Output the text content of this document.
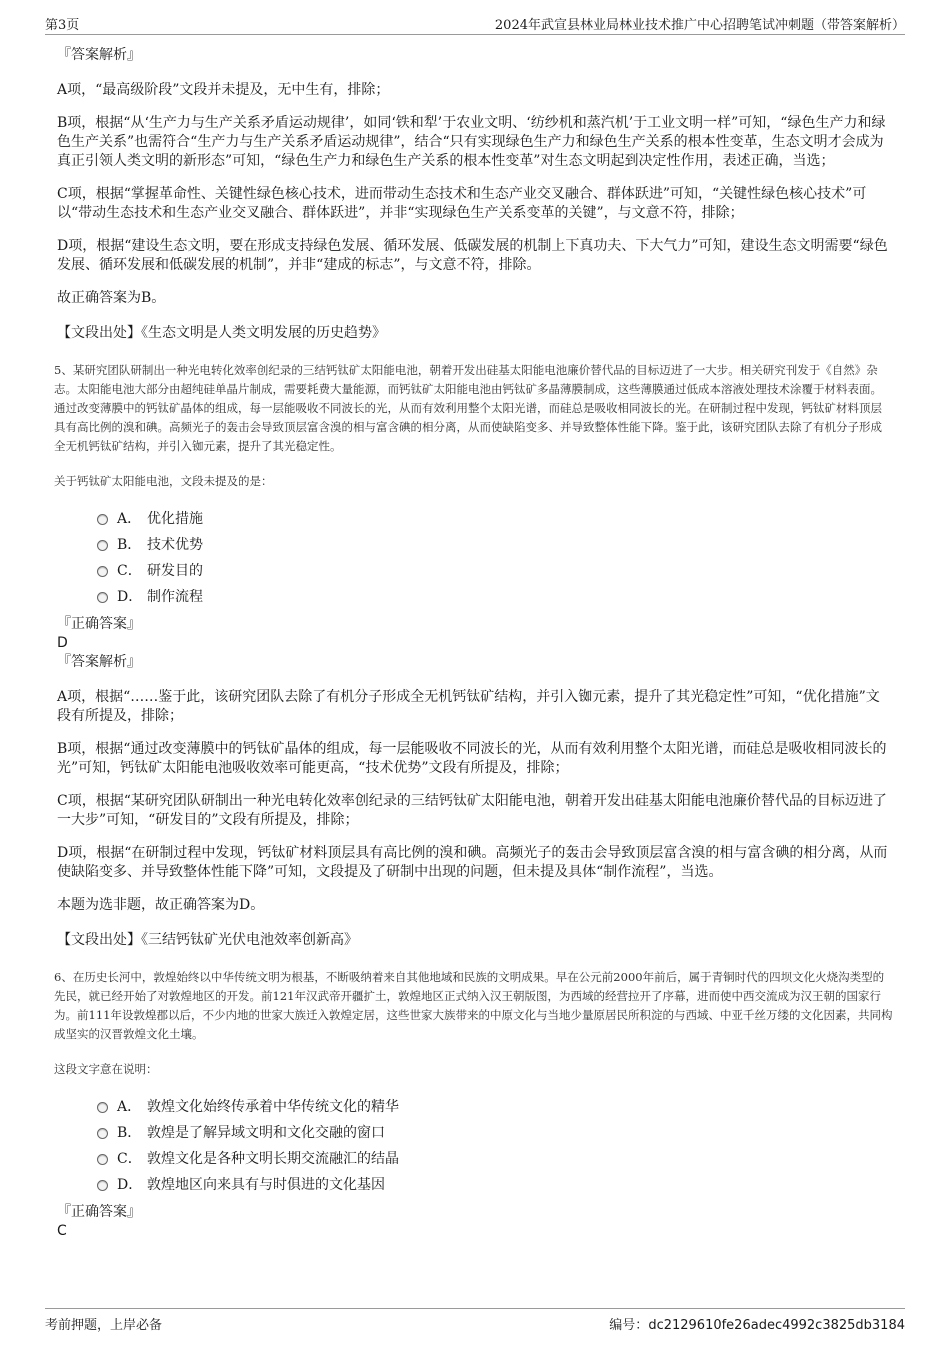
第3页	2024年武宣县林业局林业技术推广中心招聘笔试冲刺题（带答案解析）

『答案解析』

A项，“最高级阶段”文段并未提及，无中生有，排除；

B项，根据“从‘生产力与生产关系矛盾运动规律’，如同‘铁和犁’于农业文明、‘纺纱机和蒸汽机’于工业文明一样”可知，“绿色生产力和绿色生产关系”也需符合“生产力与生产关系矛盾运动规律”，结合“只有实现绿色生产力和绿色生产关系的根本性变革，生态文明才会成为真正引领人类文明的新形态”可知，“绿色生产力和绿色生产关系的根本性变革”对生态文明起到决定性作用，表述正确，当选；

C项，根据“掌握革命性、关键性绿色核心技术，进而带动生态技术和生态产业交叉融合、群体跃进”可知，“关键性绿色核心技术”可以“带动生态技术和生态产业交叉融合、群体跃进”，并非“实现绿色生产关系变革的关键”，与文意不符，排除；

D项，根据“建设生态文明，要在形成支持绿色发展、循环发展、低碳发展的机制上下真功夫、下大气力”可知，建设生态文明需要“绿色发展、循环发展和低碳发展的机制”，并非“建成的标志”，与文意不符，排除。

故正确答案为B。

【文段出处】《生态文明是人类文明发展的历史趋势》

5、某研究团队研制出一种光电转化效率创纪录的三结钙钛矿太阳能电池，朝着开发出硅基太阳能电池廉价替代品的目标迈进了一大步。相关研究刊发于《自然》杂志。太阳能电池大部分由超纯硅单晶片制成，需要耗费大量能源，而钙钛矿太阳能电池由钙钛矿多晶薄膜制成，这些薄膜通过低成本溶液处理技术涂覆于材料表面。通过改变薄膜中的钙钛矿晶体的组成，每一层能吸收不同波长的光，从而有效利用整个太阳光谱，而硅总是吸收相同波长的光。在研制过程中发现，钙钛矿材料顶层具有高比例的溴和碘。高频光子的轰击会导致顶层富含溴的相与富含碘的相分离，从而使缺陷变多、并导致整体性能下降。鉴于此，该研究团队去除了有机分子形成全无机钙钛矿结构，并引入铷元素，提升了其光稳定性。

关于钙钛矿太阳能电池，文段未提及的是：

A． 优化措施
B． 技术优势
C． 研发目的
D． 制作流程

『正确答案』

D

『答案解析』

A项，根据“……鉴于此，该研究团队去除了有机分子形成全无机钙钛矿结构，并引入铷元素，提升了其光稳定性”可知，“优化措施”文段有所提及，排除；

B项，根据“通过改变薄膜中的钙钛矿晶体的组成，每一层能吸收不同波长的光，从而有效利用整个太阳光谱，而硅总是吸收相同波长的光”可知，钙钛矿太阳能电池吸收效率可能更高，“技术优势”文段有所提及，排除；

C项，根据“某研究团队研制出一种光电转化效率创纪录的三结钙钛矿太阳能电池，朝着开发出硅基太阳能电池廉价替代品的目标迈进了一大步”可知，“研发目的”文段有所提及，排除；

D项，根据“在研制过程中发现，钙钛矿材料顶层具有高比例的溴和碘。高频光子的轰击会导致顶层富含溴的相与富含碘的相分离，从而使缺陷变多、并导致整体性能下降”可知，文段提及了研制中出现的问题，但未提及具体“制作流程”，当选。

本题为选非题，故正确答案为D。

【文段出处】《三结钙钛矿光伏电池效率创新高》

6、在历史长河中，敦煌始终以中华传统文明为根基，不断吸纳着来自其他地域和民族的文明成果。早在公元前2000年前后，属于青铜时代的四坝文化火烧沟类型的先民，就已经开始了对敦煌地区的开发。前121年汉武帝开疆扩土，敦煌地区正式纳入汉王朝版图，为西域的经营拉开了序幕，进而使中西交流成为汉王朝的国家行为。前111年设敦煌郡以后，不少内地的世家大族迁入敦煌定居，这些世家大族带来的中原文化与当地少量原居民所积淀的与西域、中亚千丝万缕的文化因素，共同构成坚实的汉晋敦煌文化土壤。

这段文字意在说明：

A． 敦煌文化始终传承着中华传统文化的精华
B． 敦煌是了解异域文明和文化交融的窗口
C． 敦煌文化是各种文明长期交流融汇的结晶
D． 敦煌地区向来具有与时俱进的文化基因

『正确答案』

C

考前押题，上岸必备	编号：dc2129610fe26adec4992c3825db3184
